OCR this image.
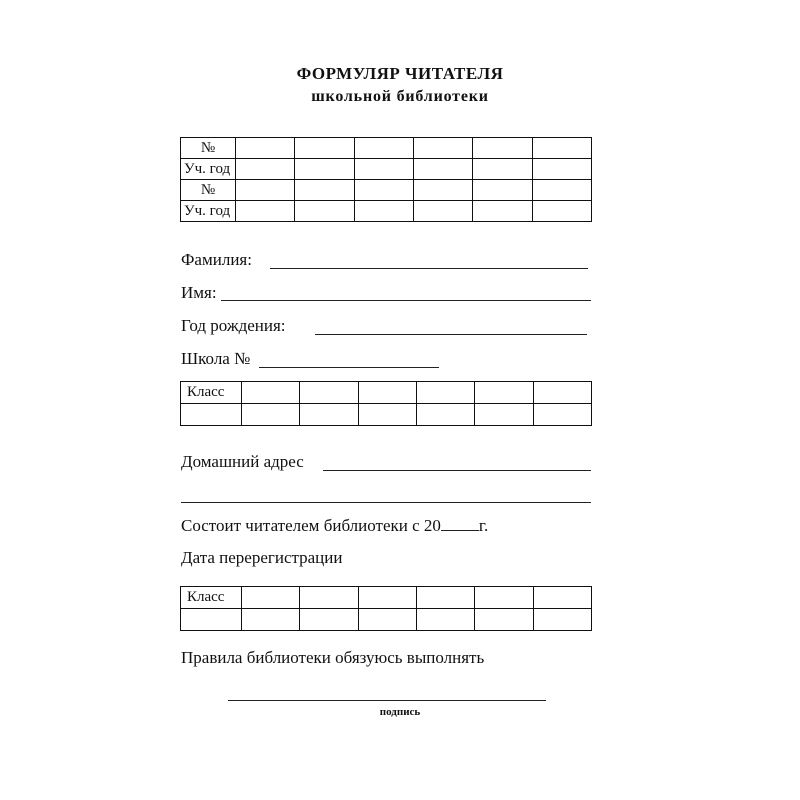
ФОРМУЛЯР ЧИТАТЕЛЯ
школьной библиотеки
№						
Уч. год						
№						
Уч. год						
Фамилия:
Имя:
Год рождения:
Школа №
Класс						

Домашний адрес
Состоит читателем библиотеки с 20 г.
Дата перерегистрации
Класс						

Правила библиотеки обязуюсь выполнять
подпись
